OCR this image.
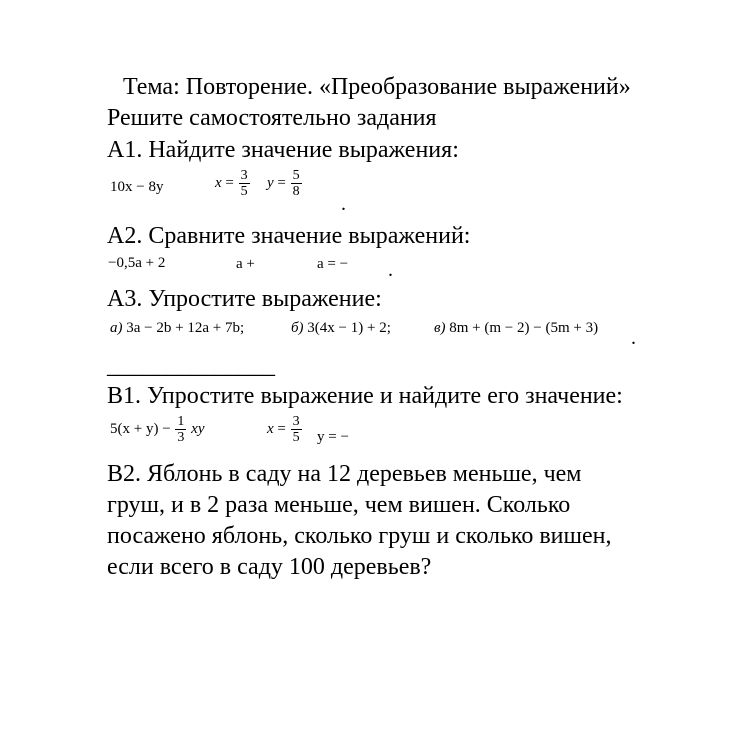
Тема: Повторение. «Преобразование выражений»
Решите самостоятельно задания
А1. Найдите значение выражения:
10x − 8y	$x = \frac{3}{5}$ $y = \frac{5}{8}$
.
А2. Сравните значение выражений:
−0,5a + 2	a +	a = − .
А3. Упростите выражение:
а) 3a − 2b + 12a + 7b;	б) 3(4x − 1) + 2;	в) 8m + (m − 2) − (5m + 3) .
______________
В1. Упростите выражение и найдите его значение:
$5(x + y) - \frac{1}{3}$ xy	$x = \frac{3}{5}$ y = −
В2. Яблонь в саду на 12 деревьев меньше, чем
груш, и в 2 раза меньше, чем вишен. Сколько
посажено яблонь, сколько груш и сколько вишен,
если всего в саду 100 деревьев?
